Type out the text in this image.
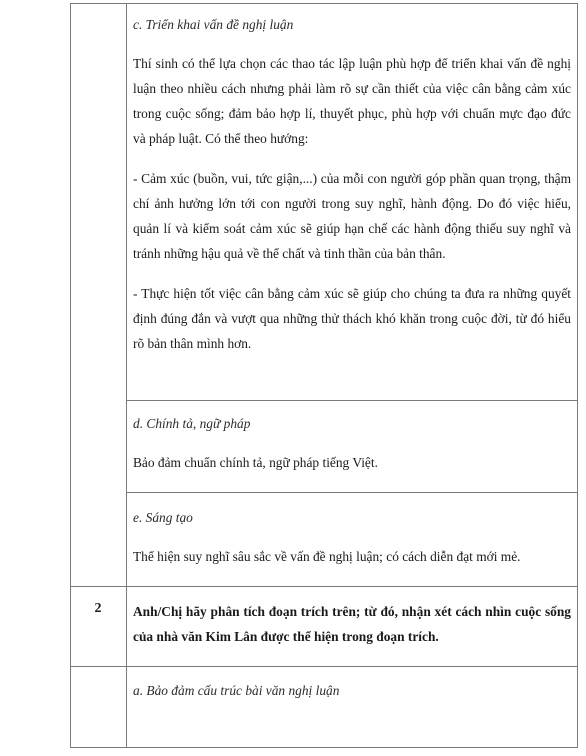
c. Triển khai vấn đề nghị luận

Thí sinh có thể lựa chọn các thao tác lập luận phù hợp để triển khai vấn đề nghị luận theo nhiều cách nhưng phải làm rõ sự cần thiết của việc cân bằng cảm xúc trong cuộc sống; đảm bảo hợp lí, thuyết phục, phù hợp với chuẩn mực đạo đức và pháp luật. Có thể theo hướng:

- Cảm xúc (buồn, vui, tức giận,...) của mỗi con người góp phần quan trọng, thậm chí ảnh hưởng lớn tới con người trong suy nghĩ, hành động. Do đó việc hiểu, quản lí và kiểm soát cảm xúc sẽ giúp hạn chế các hành động thiếu suy nghĩ và tránh những hậu quả về thể chất và tinh thần của bản thân.

- Thực hiện tốt việc cân bằng cảm xúc sẽ giúp cho chúng ta đưa ra những quyết định đúng đắn và vượt qua những thử thách khó khăn trong cuộc đời, từ đó hiểu rõ bản thân mình hơn.

d. Chính tả, ngữ pháp

Bảo đảm chuẩn chính tả, ngữ pháp tiếng Việt.

e. Sáng tạo

Thể hiện suy nghĩ sâu sắc về vấn đề nghị luận; có cách diễn đạt mới mẻ.

2	Anh/Chị hãy phân tích đoạn trích trên; từ đó, nhận xét cách nhìn cuộc sống của nhà văn Kim Lân được thể hiện trong đoạn trích.

a. Bảo đảm cấu trúc bài văn nghị luận
